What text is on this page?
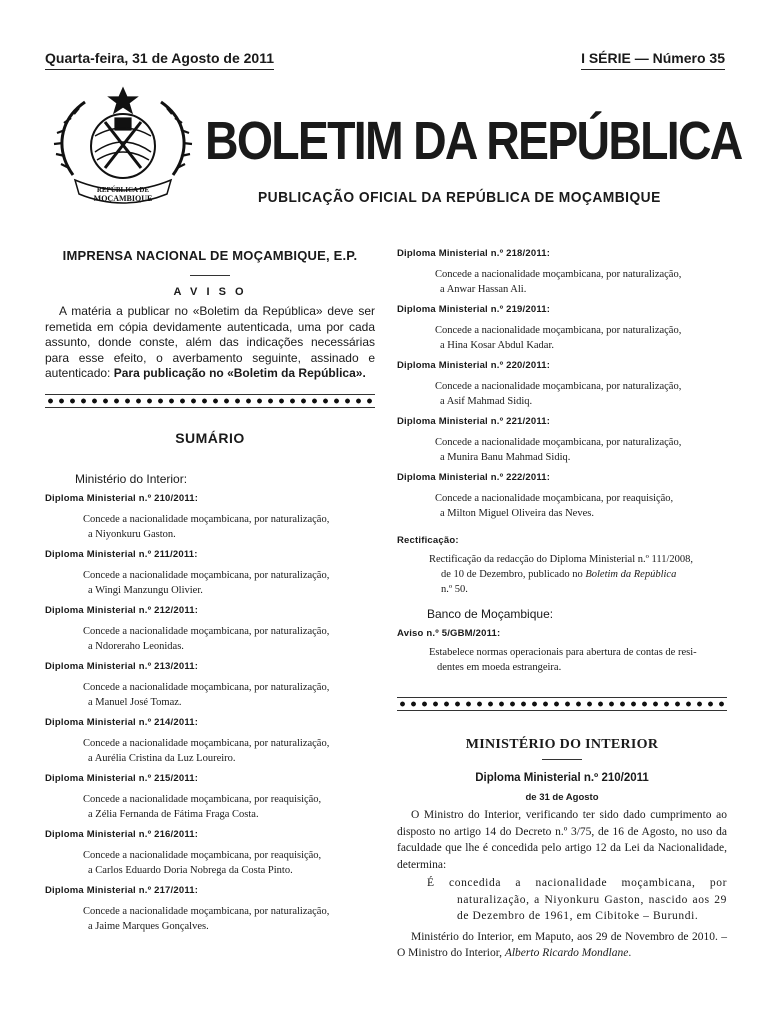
Quarta-feira, 31 de Agosto de 2011	I SÉRIE — Número 35
REPÚBLICA DE
MOÇAMBIQUE
BOLETIM DA REPÚBLICA
PUBLICAÇÃO OFICIAL DA REPÚBLICA DE MOÇAMBIQUE
IMPRENSA NACIONAL DE MOÇAMBIQUE, E.P.
A V I S O

A matéria a publicar no «Boletim da República» deve ser remetida em cópia devidamente autenticada, uma por cada assunto, donde conste, além das indicações necessárias para esse efeito, o averbamento seguinte, assinado e autenticado: Para publicação no «Boletim da República».

SUMÁRIO
Ministério do Interior:
Diploma Ministerial n.º 210/2011:
Concede a nacionalidade moçambicana, por naturalização,
a Niyonkuru Gaston.
Diploma Ministerial n.º 211/2011:
Concede a nacionalidade moçambicana, por naturalização,
a Wingi Manzungu Olivier.
Diploma Ministerial n.º 212/2011:
Concede a nacionalidade moçambicana, por naturalização,
a Ndoreraho Leonidas.
Diploma Ministerial n.º 213/2011:
Concede a nacionalidade moçambicana, por naturalização,
a Manuel José Tomaz.
Diploma Ministerial n.º 214/2011:
Concede a nacionalidade moçambicana, por naturalização,
a Aurélia Cristina da Luz Loureiro.
Diploma Ministerial n.º 215/2011:
Concede a nacionalidade moçambicana, por reaquisição,
a Zélia Fernanda de Fátima Fraga Costa.
Diploma Ministerial n.º 216/2011:
Concede a nacionalidade moçambicana, por reaquisição,
a Carlos Eduardo Doria Nobrega da Costa Pinto.
Diploma Ministerial n.º 217/2011:
Concede a nacionalidade moçambicana, por naturalização,
a Jaime Marques Gonçalves.
Diploma Ministerial n.º 218/2011:
Concede a nacionalidade moçambicana, por naturalização,
a Anwar Hassan Ali.
Diploma Ministerial n.º 219/2011:
Concede a nacionalidade moçambicana, por naturalização,
a Hina Kosar Abdul Kadar.
Diploma Ministerial n.º 220/2011:
Concede a nacionalidade moçambicana, por naturalização,
a Asif Mahmad Sidiq.
Diploma Ministerial n.º 221/2011:
Concede a nacionalidade moçambicana, por naturalização,
a Munira Banu Mahmad Sidiq.
Diploma Ministerial n.º 222/2011:
Concede a nacionalidade moçambicana, por reaquisição,
a Milton Miguel Oliveira das Neves.
Rectificação:
Rectificação da redacção do Diploma Ministerial n.º 111/2008,
de 10 de Dezembro, publicado no Boletim da República
n.º 50.
Banco de Moçambique:
Aviso n.º 5/GBM/2011:
Estabelece normas operacionais para abertura de contas de resi-
dentes em moeda estrangeira.
MINISTÉRIO DO INTERIOR
Diploma Ministerial n.º 210/2011
de 31 de Agosto

O Ministro do Interior, verificando ter sido dado cumprimento ao disposto no artigo 14 do Decreto n.º 3/75, de 16 de Agosto, no uso da faculdade que lhe é concedida pelo artigo 12 da Lei da Nacionalidade, determina:

É concedida a nacionalidade moçambicana, por naturalização, a Niyonkuru Gaston, nascido aos 29 de Dezembro de 1961, em Cibitoke – Burundi.

Ministério do Interior, em Maputo, aos 29 de Novembro de 2010. – O Ministro do Interior, Alberto Ricardo Mondlane.
